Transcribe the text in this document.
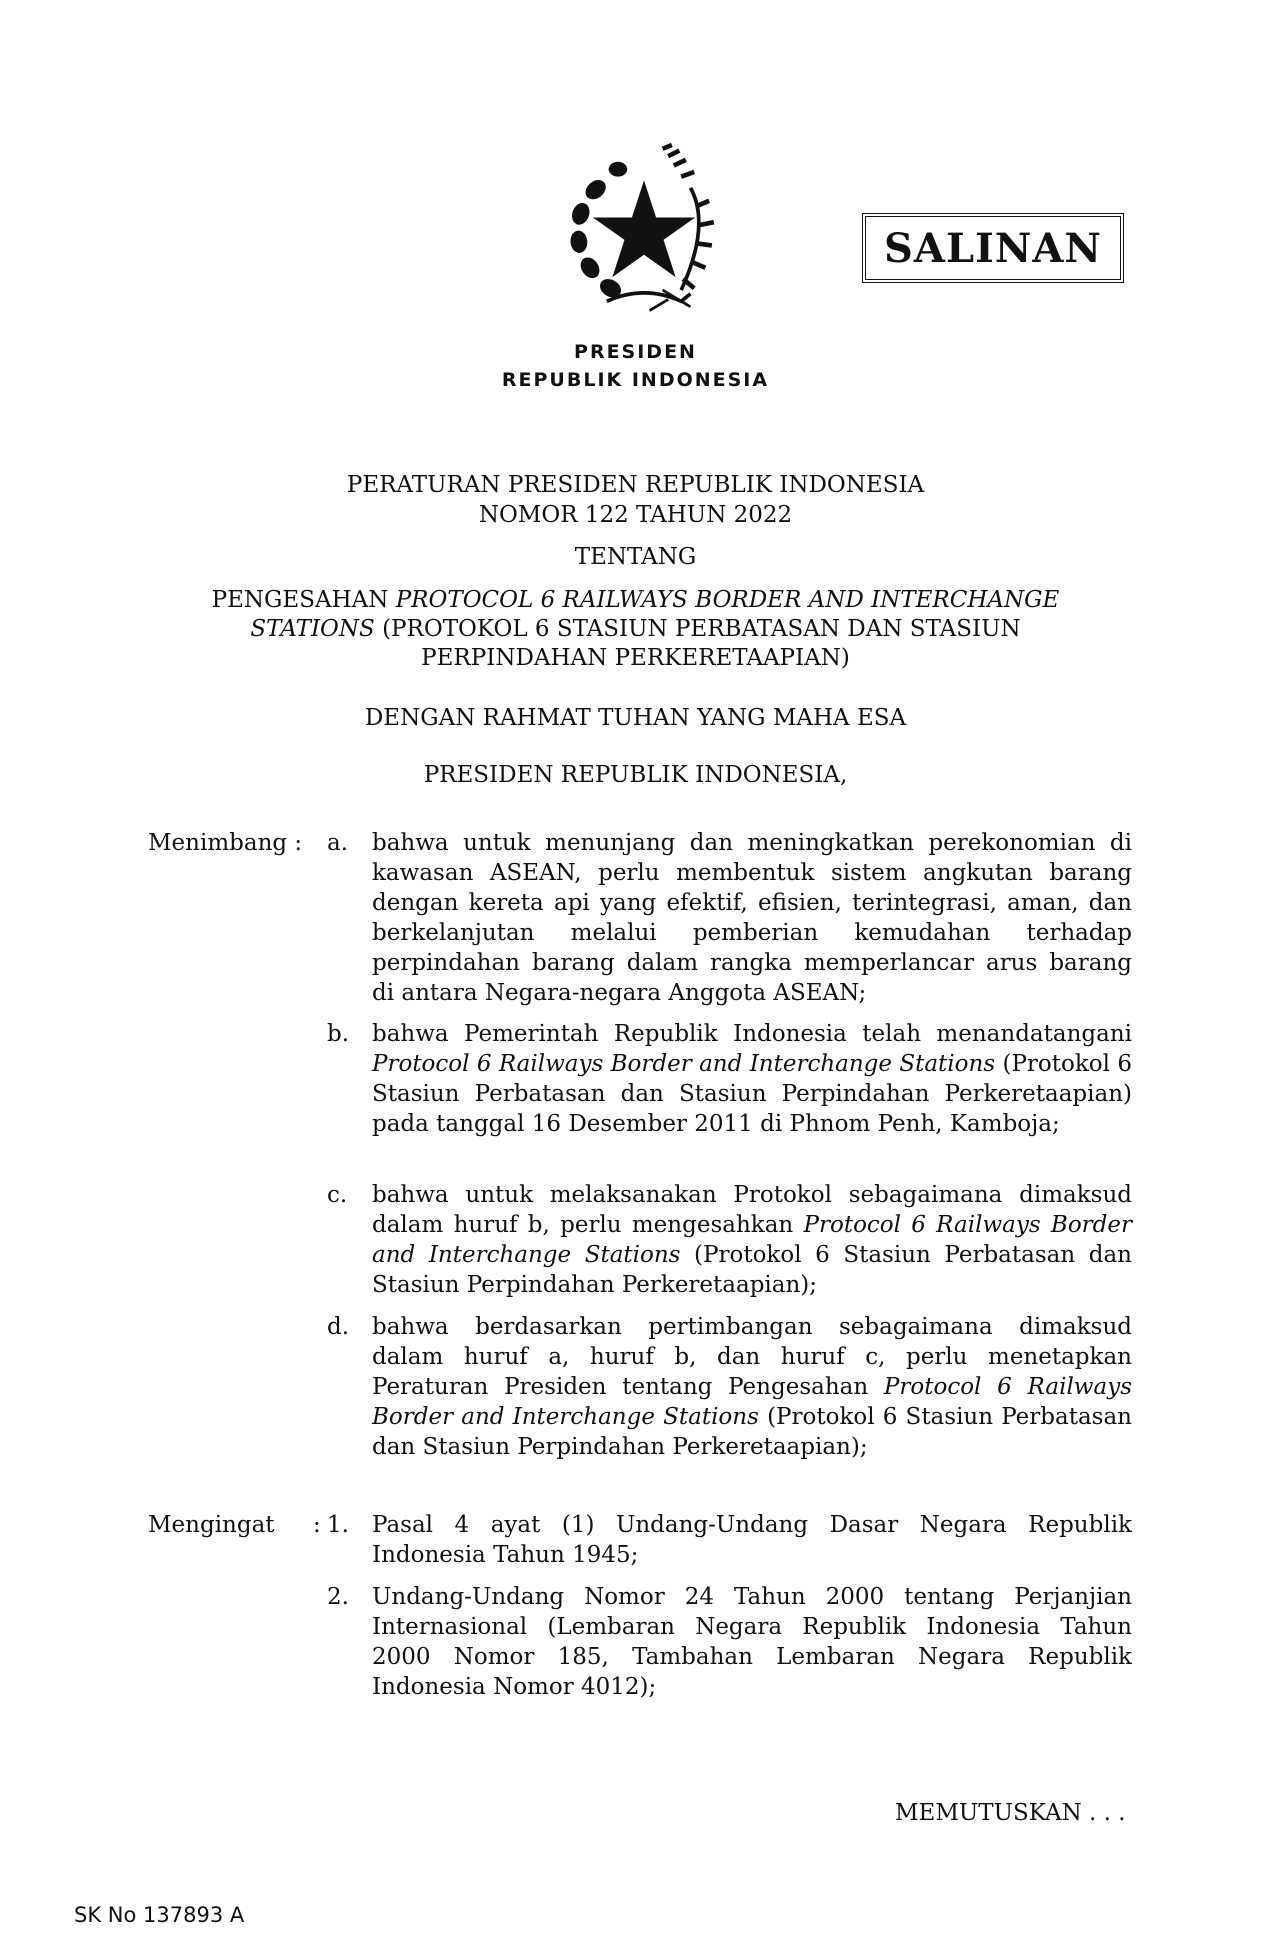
SALINAN
PRESIDEN
REPUBLIK INDONESIA
PERATURAN PRESIDEN REPUBLIK INDONESIA
NOMOR 122 TAHUN 2022
TENTANG
PENGESAHAN PROTOCOL 6 RAILWAYS BORDER AND INTERCHANGE
STATIONS (PROTOKOL 6 STASIUN PERBATASAN DAN STASIUN
PERPINDAHAN PERKERETAAPIAN)
DENGAN RAHMAT TUHAN YANG MAHA ESA
PRESIDEN REPUBLIK INDONESIA,
Menimbang : a. bahwa untuk menunjang dan meningkatkan perekonomian di kawasan ASEAN, perlu membentuk sistem angkutan barang dengan kereta api yang efektif, efisien, terintegrasi, aman, dan berkelanjutan melalui pemberian kemudahan terhadap perpindahan barang dalam rangka memperlancar arus barang di antara Negara-negara Anggota ASEAN;
b. bahwa Pemerintah Republik Indonesia telah menandatangani Protocol 6 Railways Border and Interchange Stations (Protokol 6 Stasiun Perbatasan dan Stasiun Perpindahan Perkeretaapian) pada tanggal 16 Desember 2011 di Phnom Penh, Kamboja;
c. bahwa untuk melaksanakan Protokol sebagaimana dimaksud dalam huruf b, perlu mengesahkan Protocol 6 Railways Border and Interchange Stations (Protokol 6 Stasiun Perbatasan dan Stasiun Perpindahan Perkeretaapian);
d. bahwa berdasarkan pertimbangan sebagaimana dimaksud dalam huruf a, huruf b, dan huruf c, perlu menetapkan Peraturan Presiden tentang Pengesahan Protocol 6 Railways Border and Interchange Stations (Protokol 6 Stasiun Perbatasan dan Stasiun Perpindahan Perkeretaapian);
Mengingat : 1. Pasal 4 ayat (1) Undang-Undang Dasar Negara Republik Indonesia Tahun 1945;
2. Undang-Undang Nomor 24 Tahun 2000 tentang Perjanjian Internasional (Lembaran Negara Republik Indonesia Tahun 2000 Nomor 185, Tambahan Lembaran Negara Republik Indonesia Nomor 4012);
MEMUTUSKAN . . .
SK No 137893 A
